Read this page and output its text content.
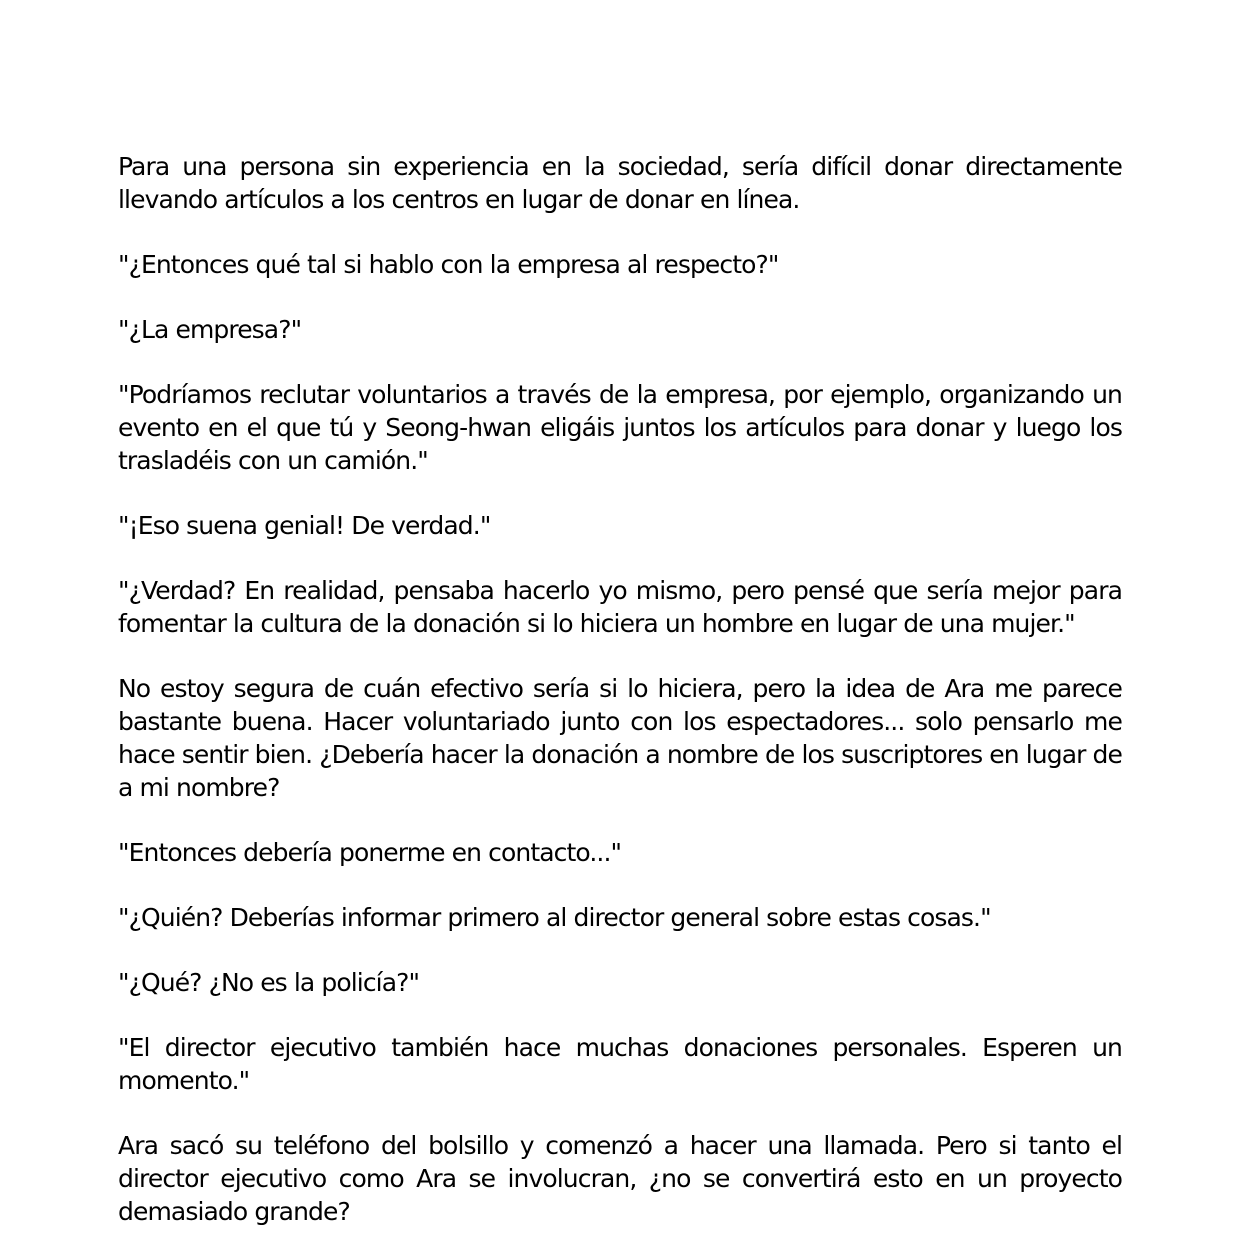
Para una persona sin experiencia en la sociedad, sería difícil donar directamente llevando artículos a los centros en lugar de donar en línea.

"¿Entonces qué tal si hablo con la empresa al respecto?"

"¿La empresa?"

"Podríamos reclutar voluntarios a través de la empresa, por ejemplo, organizando un evento en el que tú y Seong-hwan eligáis juntos los artículos para donar y luego los trasladéis con un camión."

"¡Eso suena genial! De verdad."

"¿Verdad? En realidad, pensaba hacerlo yo mismo, pero pensé que sería mejor para fomentar la cultura de la donación si lo hiciera un hombre en lugar de una mujer."

No estoy segura de cuán efectivo sería si lo hiciera, pero la idea de Ara me parece bastante buena. Hacer voluntariado junto con los espectadores... solo pensarlo me hace sentir bien. ¿Debería hacer la donación a nombre de los suscriptores en lugar de a mi nombre?

"Entonces debería ponerme en contacto..."

"¿Quién? Deberías informar primero al director general sobre estas cosas."

"¿Qué? ¿No es la policía?"

"El director ejecutivo también hace muchas donaciones personales. Esperen un momento."

Ara sacó su teléfono del bolsillo y comenzó a hacer una llamada. Pero si tanto el director ejecutivo como Ara se involucran, ¿no se convertirá esto en un proyecto demasiado grande?
